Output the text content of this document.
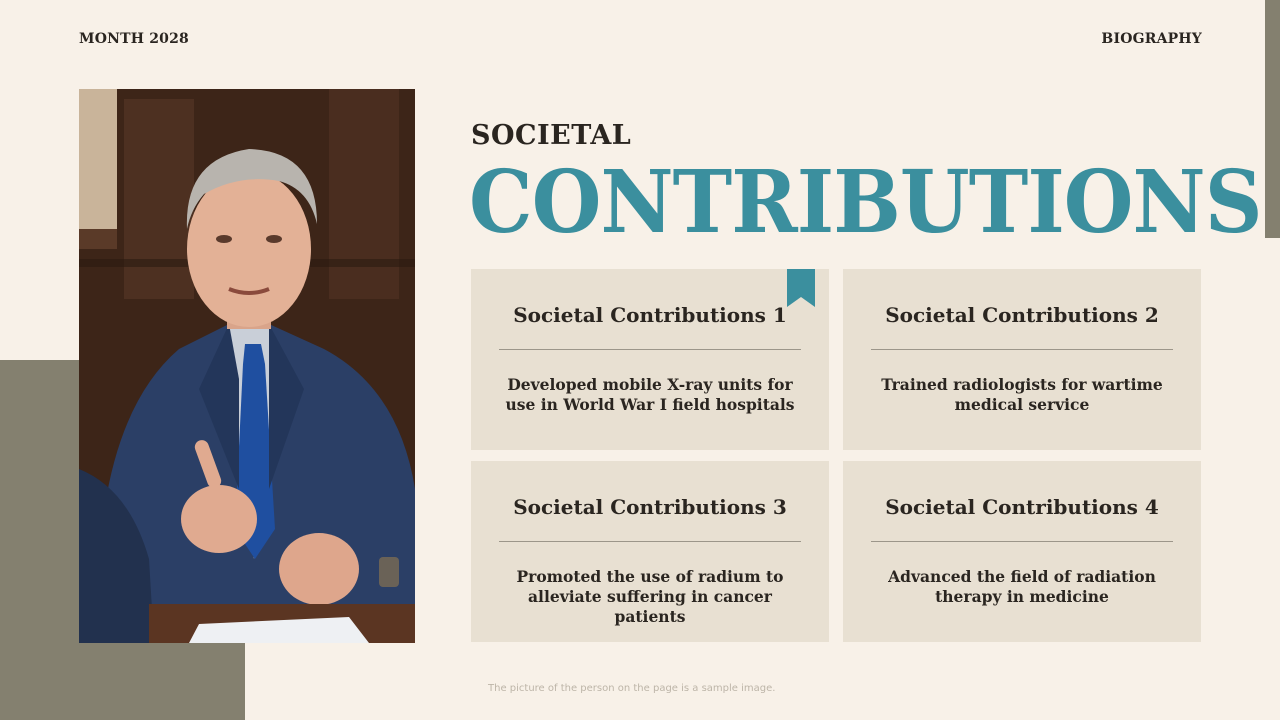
MONTH 2028	BIOGRAPHY
SOCIETAL
CONTRIBUTIONS
Societal Contributions 1
Developed mobile X-ray units for use in World War I field hospitals
Societal Contributions 2
Trained radiologists for wartime medical service
Societal Contributions 3
Promoted the use of radium to alleviate suffering in cancer patients
Societal Contributions 4
Advanced the field of radiation therapy in medicine
The picture of the person on the page is a sample image.
